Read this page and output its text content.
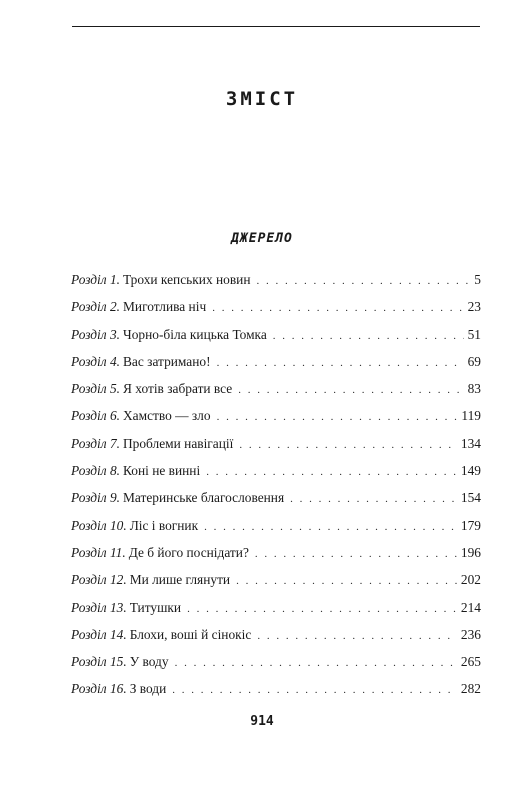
ЗМІСТ
ДЖЕРЕЛО
Розділ 1. Трохи кепських новин . . .	5
Розділ 2. Миготлива ніч . . .	23
Розділ 3. Чорно-біла кицька Томка . . .	51
Розділ 4. Вас затримано! . . .	69
Розділ 5. Я хотів забрати все . . .	83
Розділ 6. Хамство — зло . . .	119
Розділ 7. Проблеми навігації . . .	134
Розділ 8. Коні не винні . . .	149
Розділ 9. Материнське благословення . . .	154
Розділ 10. Ліс і вогник . . .	179
Розділ 11. Де б його поснідати? . . .	196
Розділ 12. Ми лише глянути . . .	202
Розділ 13. Титушки . . .	214
Розділ 14. Блохи, воші й сінокіс . . .	236
Розділ 15. У воду . . .	265
Розділ 16. З води . . .	282
914
